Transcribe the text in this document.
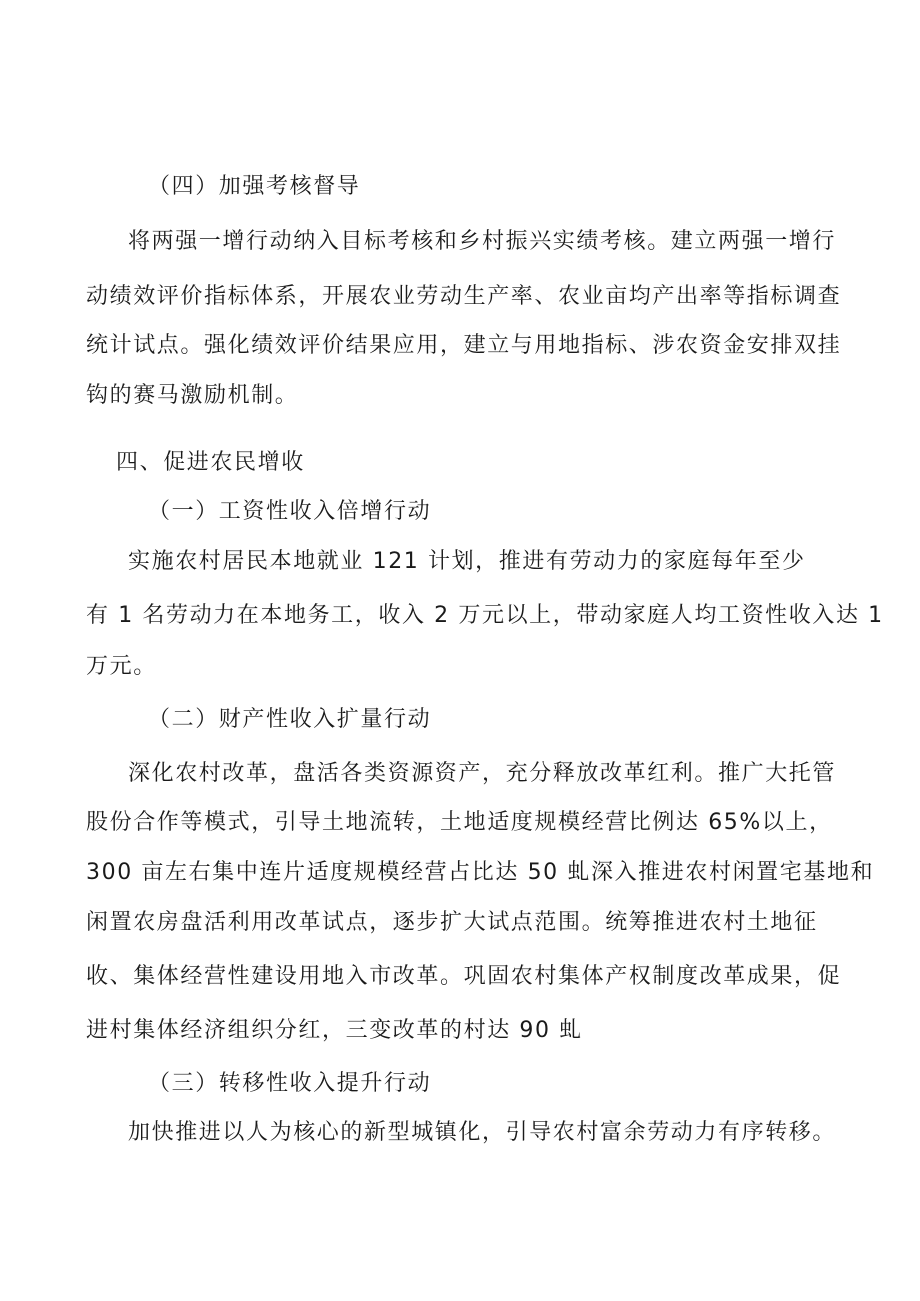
（四）加强考核督导
将两强一增行动纳入目标考核和乡村振兴实绩考核。建立两强一增行
动绩效评价指标体系，开展农业劳动生产率、农业亩均产出率等指标调查
统计试点。强化绩效评价结果应用，建立与用地指标、涉农资金安排双挂
钩的赛马激励机制。
四、促进农民增收
（一）工资性收入倍增行动
实施农村居民本地就业 121 计划，推进有劳动力的家庭每年至少
有 1 名劳动力在本地务工，收入 2 万元以上，带动家庭人均工资性收入达 1
万元。
（二）财产性收入扩量行动
深化农村改革，盘活各类资源资产，充分释放改革红利。推广大托管
股份合作等模式，引导土地流转，土地适度规模经营比例达 65%以上，
300 亩左右集中连片适度规模经营占比达 50 虬深入推进农村闲置宅基地和
闲置农房盘活利用改革试点，逐步扩大试点范围。统筹推进农村土地征
收、集体经营性建设用地入市改革。巩固农村集体产权制度改革成果，促
进村集体经济组织分红，三变改革的村达 90 虬
（三）转移性收入提升行动
加快推进以人为核心的新型城镇化，引导农村富余劳动力有序转移。
